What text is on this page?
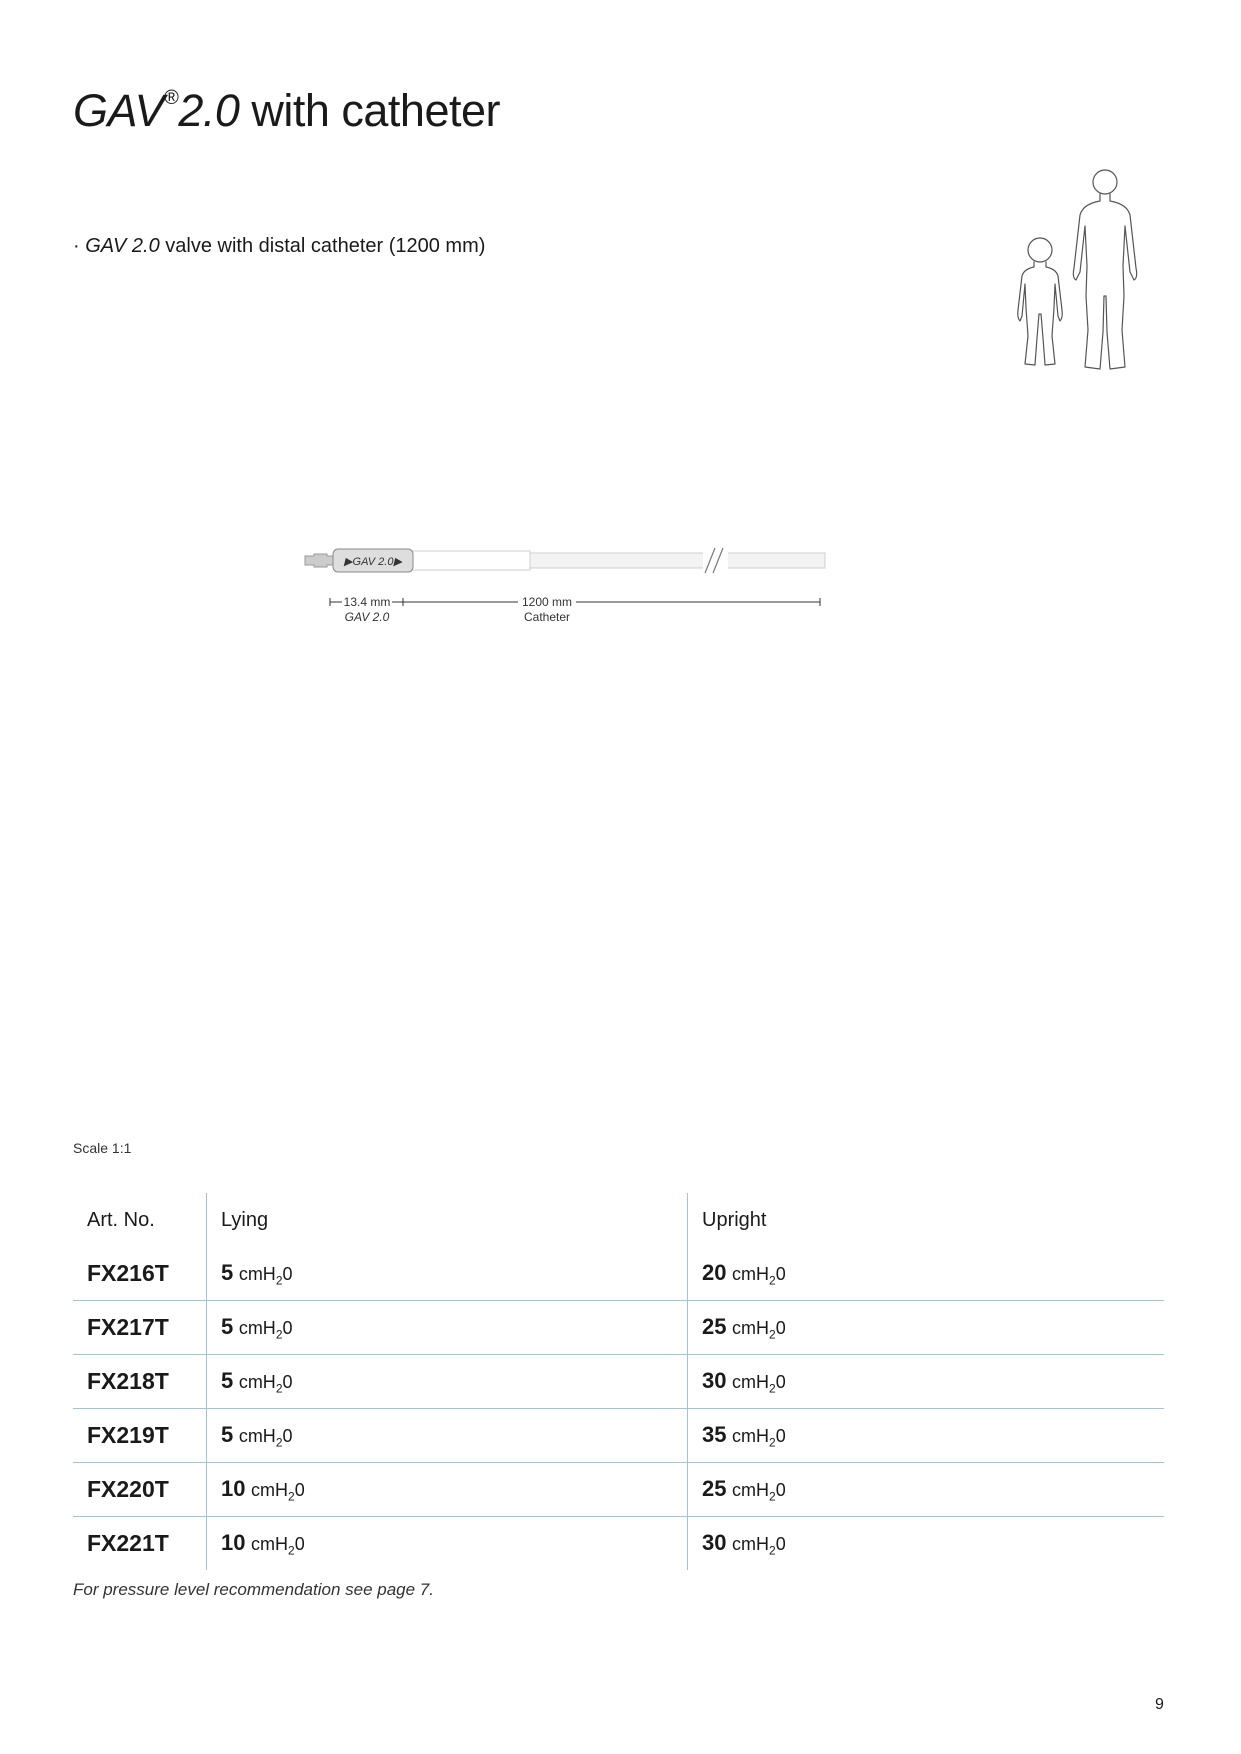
GAV®2.0 with catheter

· GAV 2.0 valve with distal catheter (1200 mm)

▶GAV 2.0▶
13.4 mm
GAV 2.0
1200 mm
Catheter
Scale 1:1
Art. No.	Lying	Upright
FX216T	5 cmH$_2$0	20 cmH$_2$0
FX217T	5 cmH$_2$0	25 cmH$_2$0
FX218T	5 cmH$_2$0	30 cmH$_2$0
FX219T	5 cmH$_2$0	35 cmH$_2$0
FX220T	10 cmH$_2$0	25 cmH$_2$0
FX221T	10 cmH$_2$0	30 cmH$_2$0

For pressure level recommendation see page 7.

9
